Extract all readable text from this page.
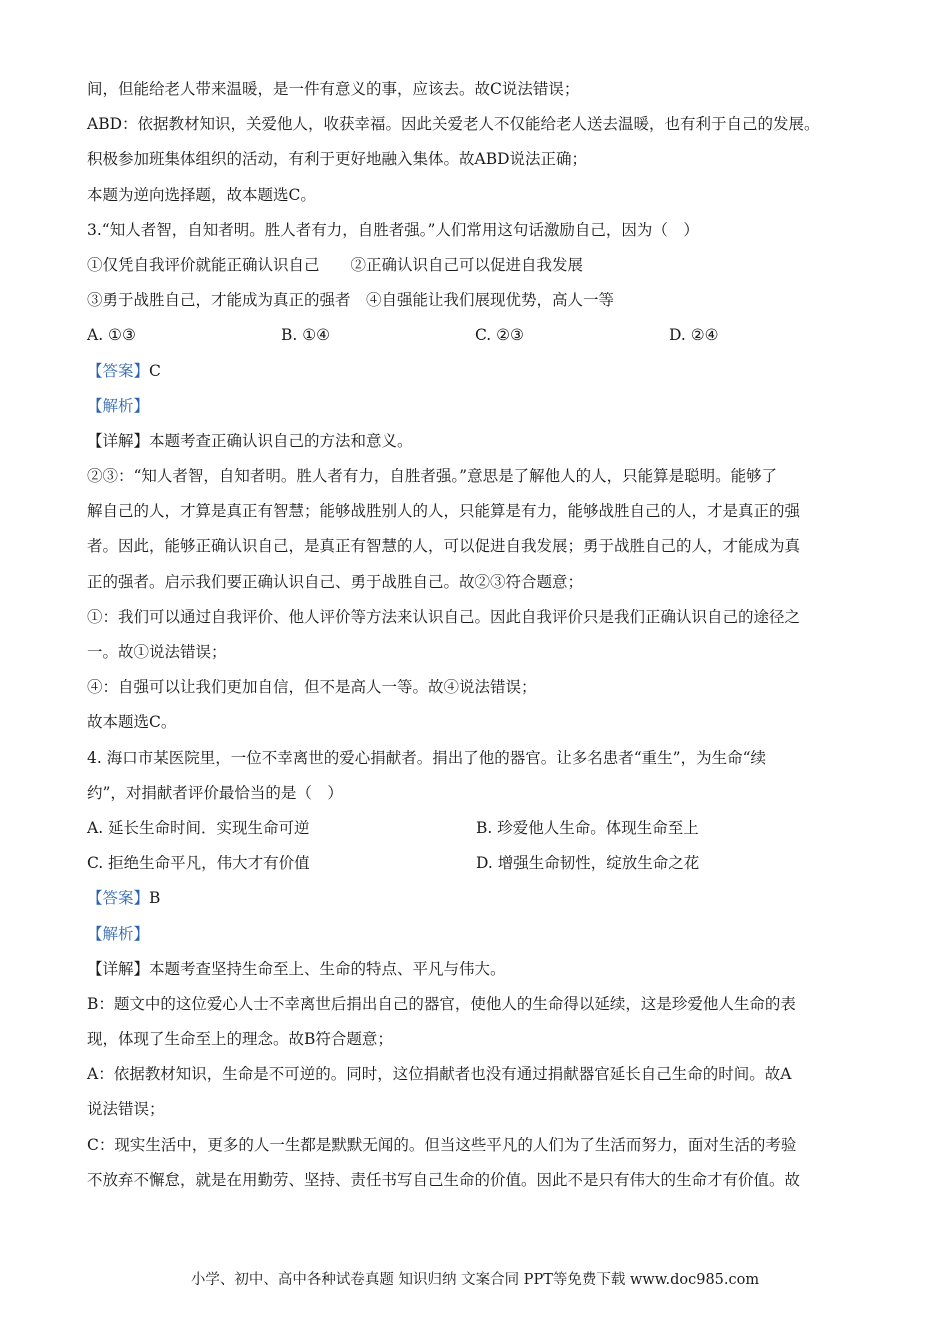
间，但能给老人带来温暖，是一件有意义的事，应该去。故C说法错误；
ABD：依据教材知识，关爱他人，收获幸福。因此关爱老人不仅能给老人送去温暖，也有利于自己的发展。
积极参加班集体组织的活动，有利于更好地融入集体。故ABD说法正确；
本题为逆向选择题，故本题选C。
3.“知人者智，自知者明。胜人者有力，自胜者强。”人们常用这句话激励自己，因为（　）
①仅凭自我评价就能正确认识自己　　②正确认识自己可以促进自我发展
③勇于战胜自己，才能成为真正的强者　④自强能让我们展现优势，高人一等
A. ①③	B. ①④	C. ②③	D. ②④
【答案】C
【解析】
【详解】本题考查正确认识自己的方法和意义。
②③：“知人者智，自知者明。胜人者有力，自胜者强。”意思是了解他人的人，只能算是聪明。能够了
解自己的人，才算是真正有智慧；能够战胜别人的人，只能算是有力，能够战胜自己的人，才是真正的强
者。因此，能够正确认识自己，是真正有智慧的人，可以促进自我发展；勇于战胜自己的人，才能成为真
正的强者。启示我们要正确认识自己、勇于战胜自己。故②③符合题意；
①：我们可以通过自我评价、他人评价等方法来认识自己。因此自我评价只是我们正确认识自己的途径之
一。故①说法错误；
④：自强可以让我们更加自信，但不是高人一等。故④说法错误；
故本题选C。
4. 海口市某医院里，一位不幸离世的爱心捐献者。捐出了他的器官。让多名患者“重生”，为生命“续
约”，对捐献者评价最恰当的是（　）
A. 延长生命时间．实现生命可逆	B. 珍爱他人生命。体现生命至上
C. 拒绝生命平凡，伟大才有价值	D. 增强生命韧性，绽放生命之花
【答案】B
【解析】
【详解】本题考查坚持生命至上、生命的特点、平凡与伟大。
B：题文中的这位爱心人士不幸离世后捐出自己的器官，使他人的生命得以延续，这是珍爱他人生命的表
现，体现了生命至上的理念。故B符合题意；
A：依据教材知识，生命是不可逆的。同时，这位捐献者也没有通过捐献器官延长自己生命的时间。故A
说法错误；
C：现实生活中，更多的人一生都是默默无闻的。但当这些平凡的人们为了生活而努力，面对生活的考验
不放弃不懈怠，就是在用勤劳、坚持、责任书写自己生命的价值。因此不是只有伟大的生命才有价值。故
小学、初中、高中各种试卷真题 知识归纳 文案合同 PPT等免费下载 www.doc985.com
